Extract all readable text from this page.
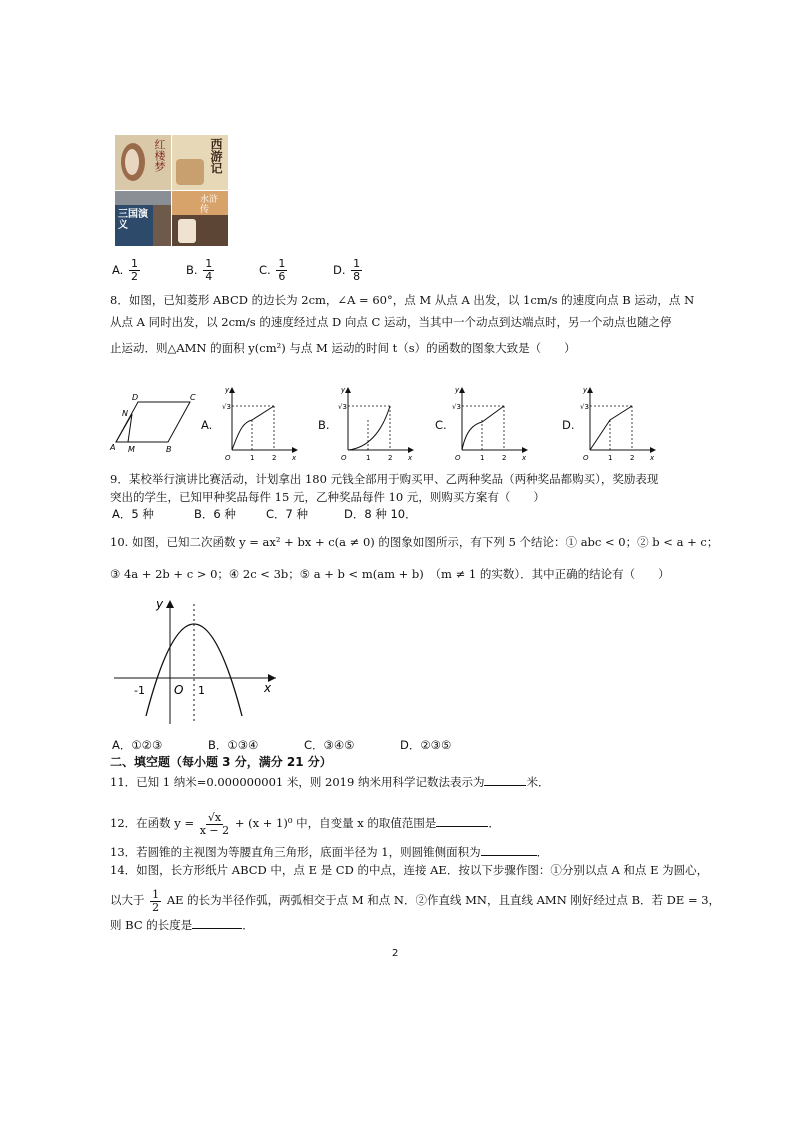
红楼梦	西游记
三国演义
水浒传
A. $\frac{1}{2}$	B. $\frac{1}{4}$	C. $\frac{1}{6}$	D. $\frac{1}{8}$
8．如图，已知菱形 ABCD 的边长为 2cm，∠A = 60°，点 M 从点 A 出发，以 1cm/s 的速度向点 B 运动，点 N
从点 A 同时出发，以 2cm/s 的速度经过点 D 向点 C 运动，当其中一个动点到达端点时，另一个动点也随之停
止运动．则△AMN 的面积 y(cm²) 与点 M 运动的时间 t（s）的函数的图象大致是（　　）
D	C
N
A M	B
A.	B.	C.	D.
y
x
O	1	2
√3
y
x
O	1	2
√3
y
x
O	1	2
√3
y
x
O	1	2
√3
9．某校举行演讲比赛活动，计划拿出 180 元钱全部用于购买甲、乙两种奖品（两种奖品都购买），奖励表现
突出的学生，已知甲种奖品每件 15 元，乙种奖品每件 10 元，则购买方案有（　　）
A．5 种	B．6 种	C．7 种	D．8 种 10．
10. 如图，已知二次函数 y = ax² + bx + c(a ≠ 0) 的图象如图所示，有下列 5 个结论：① abc < 0；② b < a + c；
③ 4a + 2b + c > 0；④ 2c < 3b；⑤ a + b < m(am + b)　（m ≠ 1 的实数）．其中正确的结论有（　　）
y
x
O
-1	1
A．①②③	B．①③④	C．③④⑤	D．②③⑤
二、填空题（每小题 3 分，满分 21 分）
11．已知 1 纳米=0.000000001 米，则 2019 纳米用科学记数法表示为	米．
12．在函数 $y = \frac{√x}{x - 2} + (x + 1)^0$ 中，自变量 x 的取值范围是	．
13．若圆锥的主视图为等腰直角三角形，底面半径为 1，则圆锥侧面积为	．
14．如图，长方形纸片 ABCD 中，点 E 是 CD 的中点，连接 AE．按以下步骤作图：①分别以点 A 和点 E 为圆心，
以大于 $\frac{1}{2}$ AE 的长为半径作弧，两弧相交于点 M 和点 N．②作直线 MN，且直线 AMN 刚好经过点 B．若 DE = 3，
则 BC 的长度是	．
2
